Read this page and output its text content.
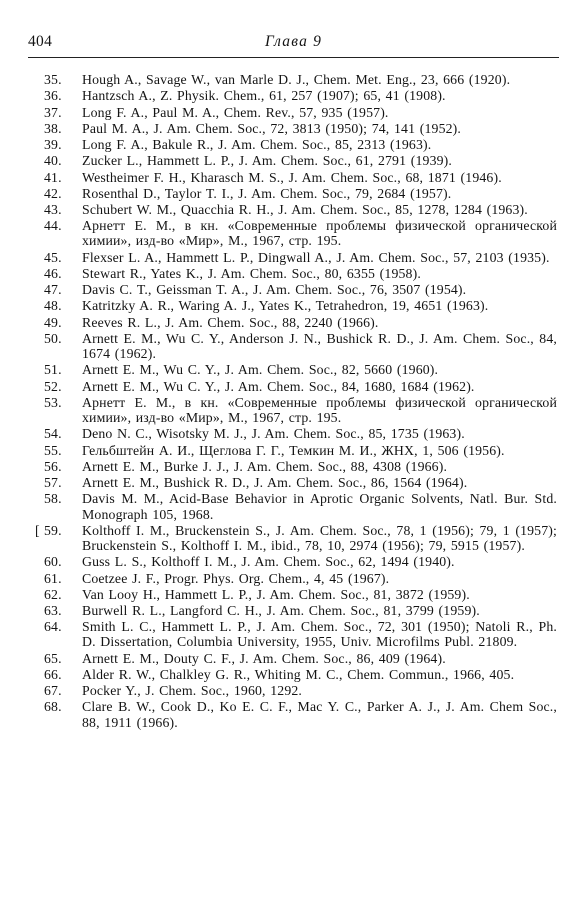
404	Глава 9
35.	Hough A., Savage W., van Marle D. J., Chem. Met. Eng., 23, 666 (1920).
36.	Hantzsch A., Z. Physik. Chem., 61, 257 (1907); 65, 41 (1908).
37.	Long F. A., Paul M. A., Chem. Rev., 57, 935 (1957).
38.	Paul M. A., J. Am. Chem. Soc., 72, 3813 (1950); 74, 141 (1952).
39.	Long F. A., Bakule R., J. Am. Chem. Soc., 85, 2313 (1963).
40.	Zucker L., Hammett L. P., J. Am. Chem. Soc., 61, 2791 (1939).
41.	Westheimer F. H., Kharasch M. S., J. Am. Chem. Soc., 68, 1871 (1946).
42.	Rosenthal D., Taylor T. I., J. Am. Chem. Soc., 79, 2684 (1957).
43.	Schubert W. M., Quacchia R. H., J. Am. Chem. Soc., 85, 1278, 1284 (1963).
44.	Арнетт Е. М., в кн. «Современные проблемы физической органической химии», изд-во «Мир», М., 1967, стр. 195.
45.	Flexser L. A., Hammett L. P., Dingwall A., J. Am. Chem. Soc., 57, 2103 (1935).
46.	Stewart R., Yates K., J. Am. Chem. Soc., 80, 6355 (1958).
47.	Davis C. T., Geissman T. A., J. Am. Chem. Soc., 76, 3507 (1954).
48.	Katritzky A. R., Waring A. J., Yates K., Tetrahedron, 19, 4651 (1963).
49.	Reeves R. L., J. Am. Chem. Soc., 88, 2240 (1966).
50.	Arnett E. M., Wu C. Y., Anderson J. N., Bushick R. D., J. Am. Chem. Soc., 84, 1674 (1962).
51.	Arnett E. M., Wu C. Y., J. Am. Chem. Soc., 82, 5660 (1960).
52.	Arnett E. M., Wu C. Y., J. Am. Chem. Soc., 84, 1680, 1684 (1962).
53.	Арнетт Е. М., в кн. «Современные проблемы физической органической химии», изд-во «Мир», М., 1967, стр. 195.
54.	Deno N. C., Wisotsky M. J., J. Am. Chem. Soc., 85, 1735 (1963).
55.	Гельбштейн А. И., Щеглова Г. Г., Темкин М. И., ЖНХ, 1, 506 (1956).
56.	Arnett E. M., Burke J. J., J. Am. Chem. Soc., 88, 4308 (1966).
57.	Arnett E. M., Bushick R. D., J. Am. Chem. Soc., 86, 1564 (1964).
58.	Davis M. M., Acid-Base Behavior in Aprotic Organic Solvents, Natl. Bur. Std. Monograph 105, 1968.
[ 59.	Kolthoff I. M., Bruckenstein S., J. Am. Chem. Soc., 78, 1 (1956); 79, 1 (1957); Bruckenstein S., Kolthoff I. M., ibid., 78, 10, 2974 (1956); 79, 5915 (1957).
60.	Guss L. S., Kolthoff I. M., J. Am. Chem. Soc., 62, 1494 (1940).
61.	Coetzee J. F., Progr. Phys. Org. Chem., 4, 45 (1967).
62.	Van Looy H., Hammett L. P., J. Am. Chem. Soc., 81, 3872 (1959).
63.	Burwell R. L., Langford C. H., J. Am. Chem. Soc., 81, 3799 (1959).
64.	Smith L. C., Hammett L. P., J. Am. Chem. Soc., 72, 301 (1950); Natoli R., Ph. D. Dissertation, Columbia University, 1955, Univ. Microfilms Publ. 21809.
65.	Arnett E. M., Douty C. F., J. Am. Chem. Soc., 86, 409 (1964).
66.	Alder R. W., Chalkley G. R., Whiting M. C., Chem. Commun., 1966, 405.
67.	Pocker Y., J. Chem. Soc., 1960, 1292.
68.	Clare B. W., Cook D., Ko E. C. F., Mac Y. C., Parker A. J., J. Am. Chem Soc., 88, 1911 (1966).
